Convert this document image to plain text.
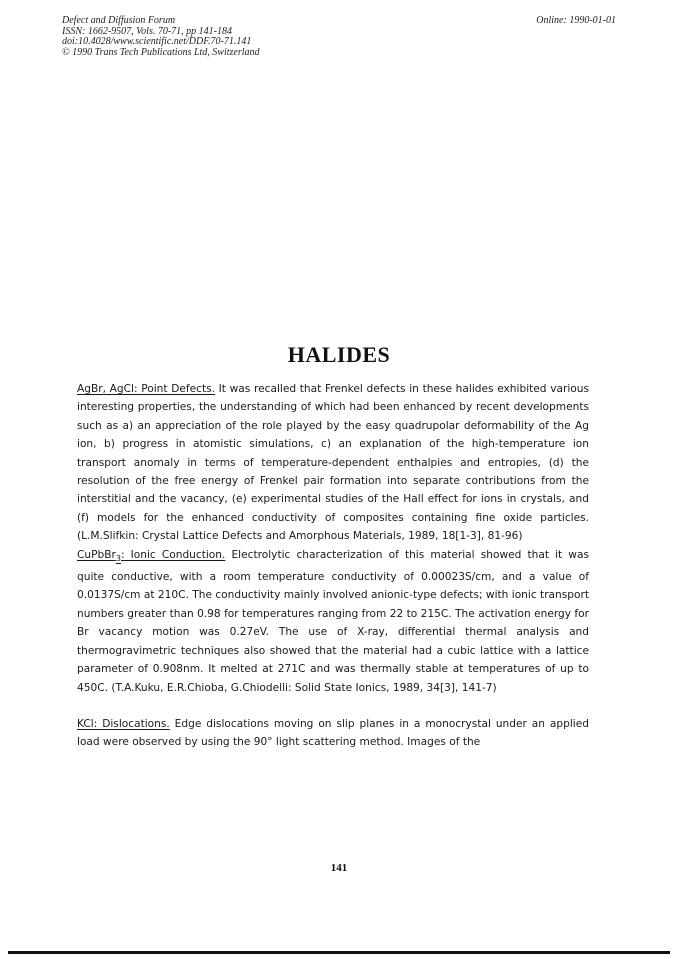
Defect and Diffusion Forum
ISSN: 1662-9507, Vols. 70-71, pp 141-184
doi:10.4028/www.scientific.net/DDF.70-71.141
© 1990 Trans Tech Publications Ltd, Switzerland
Online: 1990-01-01
HALIDES

AgBr, AgCl: Point Defects. It was recalled that Frenkel defects in these halides exhibited various interesting properties, the understanding of which had been enhanced by recent developments such as a) an appreciation of the role played by the easy quadrupolar deformability of the Ag ion, b) progress in atomistic simulations, c) an explanation of the high-temperature ion transport anomaly in terms of temperature-dependent enthalpies and entropies, (d) the resolution of the free energy of Frenkel pair formation into separate contributions from the interstitial and the vacancy, (e) experimental studies of the Hall effect for ions in crystals, and (f) models for the enhanced conductivity of composites containing fine oxide particles. (L.M.Slifkin: Crystal Lattice Defects and Amorphous Materials, 1989, 18[1-3], 81-96)

CuPbBr$_3$: Ionic Conduction. Electrolytic characterization of this material showed that it was quite conductive, with a room temperature conductivity of 0.00023S/cm, and a value of 0.0137S/cm at 210C. The conductivity mainly involved anionic-type defects; with ionic transport numbers greater than 0.98 for temperatures ranging from 22 to 215C. The activation energy for Br vacancy motion was 0.27eV. The use of X-ray, differential thermal analysis and thermogravimetric techniques also showed that the material had a cubic lattice with a lattice parameter of 0.908nm. It melted at 271C and was thermally stable at temperatures of up to 450C. (T.A.Kuku, E.R.Chioba, G.Chiodelli: Solid State Ionics, 1989, 34[3], 141-7)

KCl: Dislocations. Edge dislocations moving on slip planes in a monocrystal under an applied load were observed by using the 90° light scattering method. Images of the

141
